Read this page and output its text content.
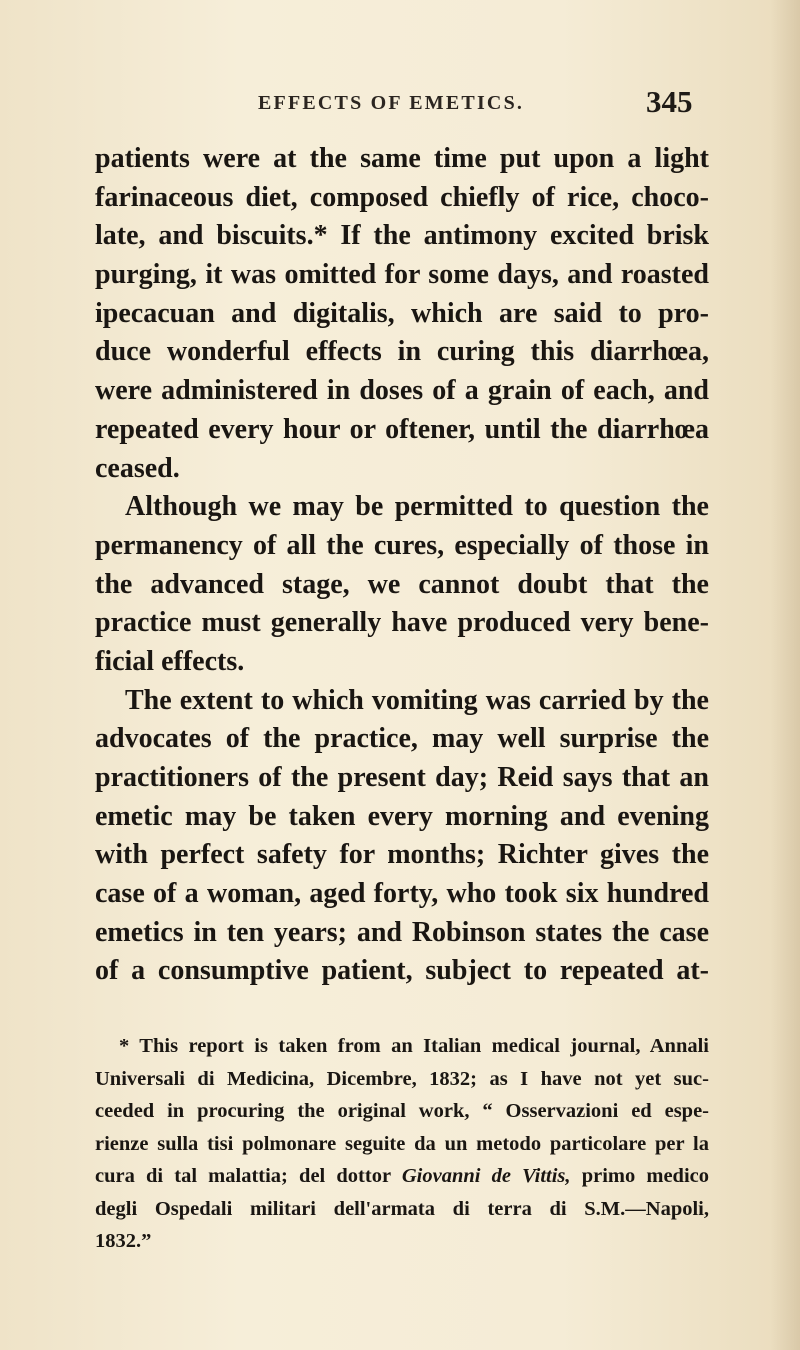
EFFECTS OF EMETICS.	345
patients were at the same time put upon a light
farinaceous diet, composed chiefly of rice, choco-
late, and biscuits.* If the antimony excited brisk
purging, it was omitted for some days, and roasted
ipecacuan and digitalis, which are said to pro-
duce wonderful effects in curing this diarrhœa,
were administered in doses of a grain of each, and
repeated every hour or oftener, until the diarrhœa
ceased.
Although we may be permitted to question the
permanency of all the cures, especially of those in
the advanced stage, we cannot doubt that the
practice must generally have produced very bene-
ficial effects.
The extent to which vomiting was carried by the
advocates of the practice, may well surprise the
practitioners of the present day; Reid says that an
emetic may be taken every morning and evening
with perfect safety for months; Richter gives the
case of a woman, aged forty, who took six hundred
emetics in ten years; and Robinson states the case
of a consumptive patient, subject to repeated at-
* This report is taken from an Italian medical journal, Annali
Universali di Medicina, Dicembre, 1832; as I have not yet suc-
ceeded in procuring the original work, “ Osservazioni ed espe-
rienze sulla tisi polmonare seguite da un metodo particolare per la
cura di tal malattia; del dottor Giovanni de Vittis, primo medico
degli Ospedali militari dell'armata di terra di S.M.—Napoli,
1832.”
